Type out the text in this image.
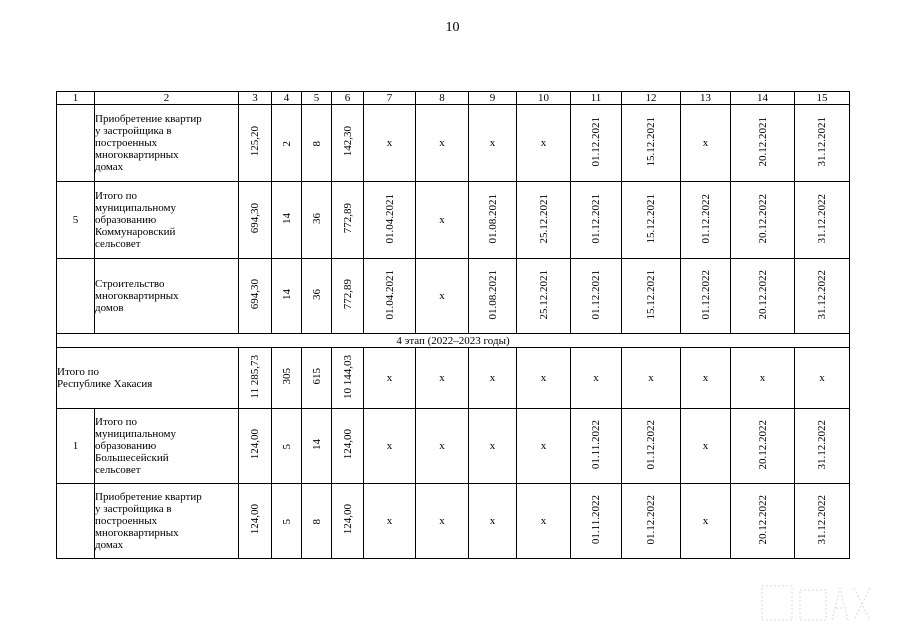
10
1	2	3	4	5	6	7	8	9	10	11	12	13	14	15

	Приобретение квартир
у застройщика в
построенных
многоквартирных
домах	125,20	2	8	142,30	x	x	x	x	01.12.2021	15.12.2021	x	20.12.2021	31.12.2021
5	Итого по
муниципальному
образованию
Коммунаровский
сельсовет	694,30	14	36	772,89	01.04.2021	x	01.08.2021	25.12.2021	01.12.2021	15.12.2021	01.12.2022	20.12.2022	31.12.2022

	Строительство
многоквартирных
домов	694,30	14	36	772,89	01.04.2021	x	01.08.2021	25.12.2021	01.12.2021	15.12.2021	01.12.2022	20.12.2022	31.12.2022
4 этап (2022–2023 годы)														

Итого по
Республике Хакасия		11 285,73	305	615	10 144,03	x	x	x	x	x	x	x	x	x
1	Итого по
муниципальному
образованию
Большесейский
сельсовет	124,00	5	14	124,00	x	x	x	x	01.11.2022	01.12.2022	x	20.12.2022	31.12.2022

	Приобретение квартир
у застройщика в
построенных
многоквартирных
домах	124,00	5	8	124,00	x	x	x	x	01.11.2022	01.12.2022	x	20.12.2022	31.12.2022
